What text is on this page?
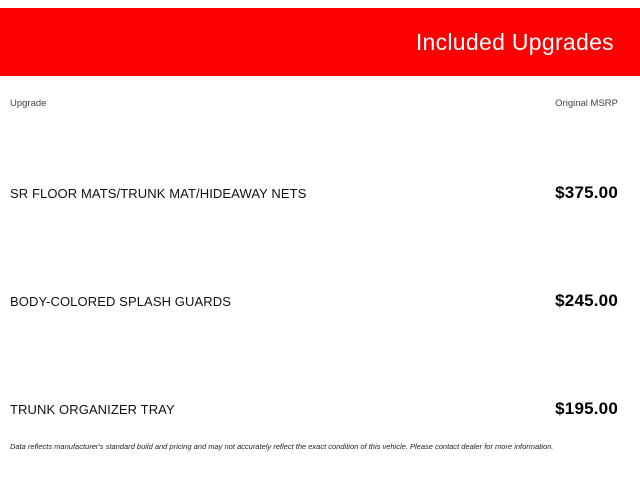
Included Upgrades
Upgrade	Original MSRP
SR FLOOR MATS/TRUNK MAT/HIDEAWAY NETS	$375.00
BODY-COLORED SPLASH GUARDS	$245.00
TRUNK ORGANIZER TRAY	$195.00
Data reflects manufacturer's standard build and pricing and may not accurately reflect the exact condition of this vehicle. Please contact dealer for more information.
